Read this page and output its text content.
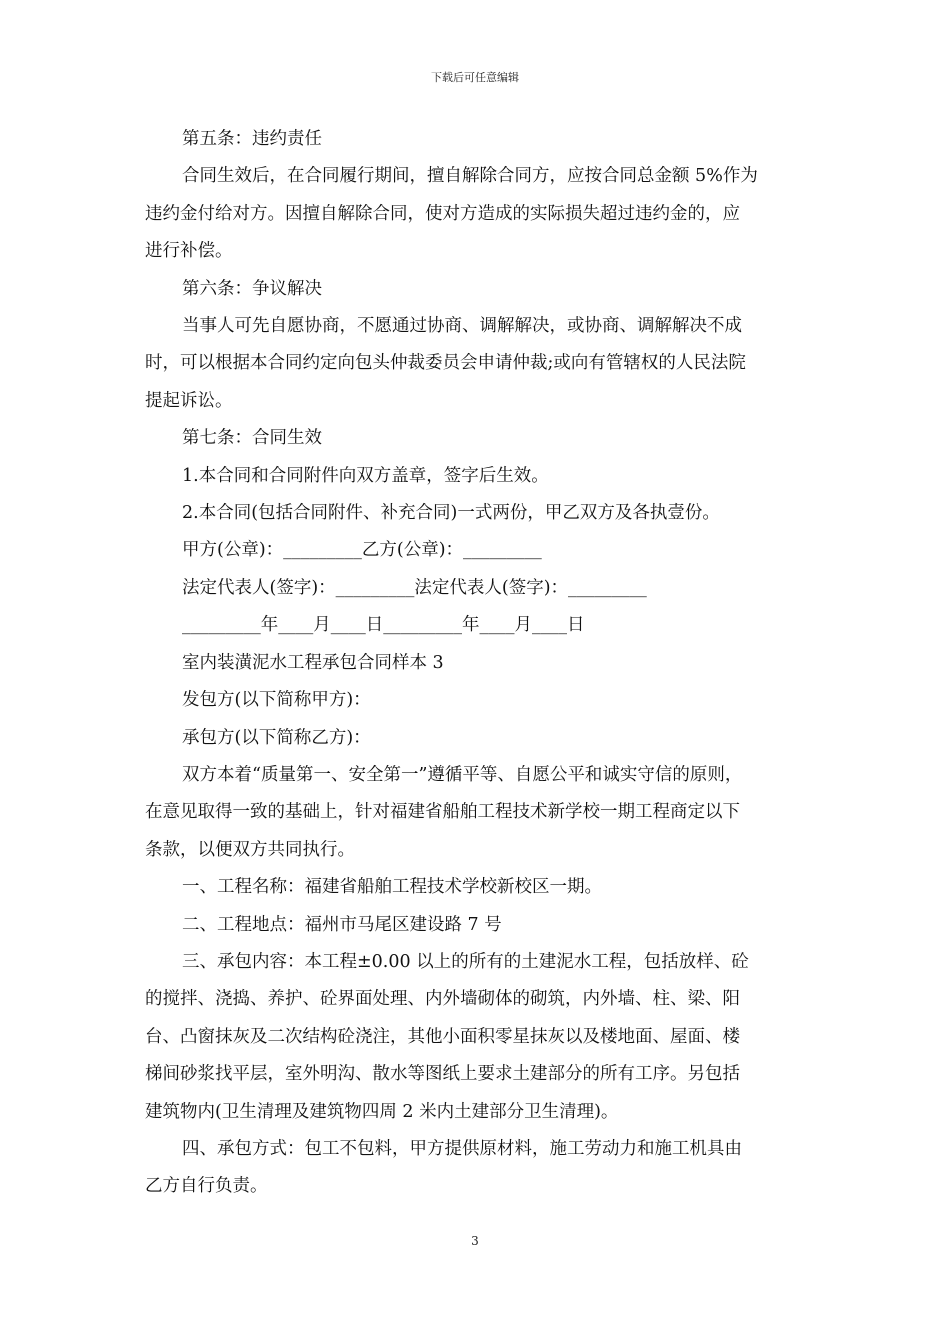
下载后可任意编辑

第五条：违约责任

合同生效后，在合同履行期间，擅自解除合同方，应按合同总金额 5%作为

违约金付给对方。因擅自解除合同，使对方造成的实际损失超过违约金的，应

进行补偿。

第六条：争议解决

当事人可先自愿协商，不愿通过协商、调解解决，或协商、调解解决不成

时，可以根据本合同约定向包头仲裁委员会申请仲裁;或向有管辖权的人民法院

提起诉讼。

第七条：合同生效

1.本合同和合同附件向双方盖章，签字后生效。

2.本合同(包括合同附件、补充合同)一式两份，甲乙双方及各执壹份。

甲方(公章)：_________乙方(公章)：_________

法定代表人(签字)：_________法定代表人(签字)：_________

_________年____月____日_________年____月____日

室内装潢泥水工程承包合同样本 3

发包方(以下简称甲方)：

承包方(以下简称乙方)：

双方本着“质量第一、安全第一”遵循平等、自愿公平和诚实守信的原则，

在意见取得一致的基础上，针对福建省船舶工程技术新学校一期工程商定以下

条款，以便双方共同执行。

一、工程名称：福建省船舶工程技术学校新校区一期。

二、工程地点：福州市马尾区建设路 7 号

三、承包内容：本工程±0.00 以上的所有的土建泥水工程，包括放样、砼

的搅拌、浇捣、养护、砼界面处理、内外墙砌体的砌筑，内外墙、柱、梁、阳

台、凸窗抹灰及二次结构砼浇注，其他小面积零星抹灰以及楼地面、屋面、楼

梯间砂浆找平层，室外明沟、散水等图纸上要求土建部分的所有工序。另包括

建筑物内(卫生清理及建筑物四周 2 米内土建部分卫生清理)。

四、承包方式：包工不包料，甲方提供原材料，施工劳动力和施工机具由

乙方自行负责。

3
